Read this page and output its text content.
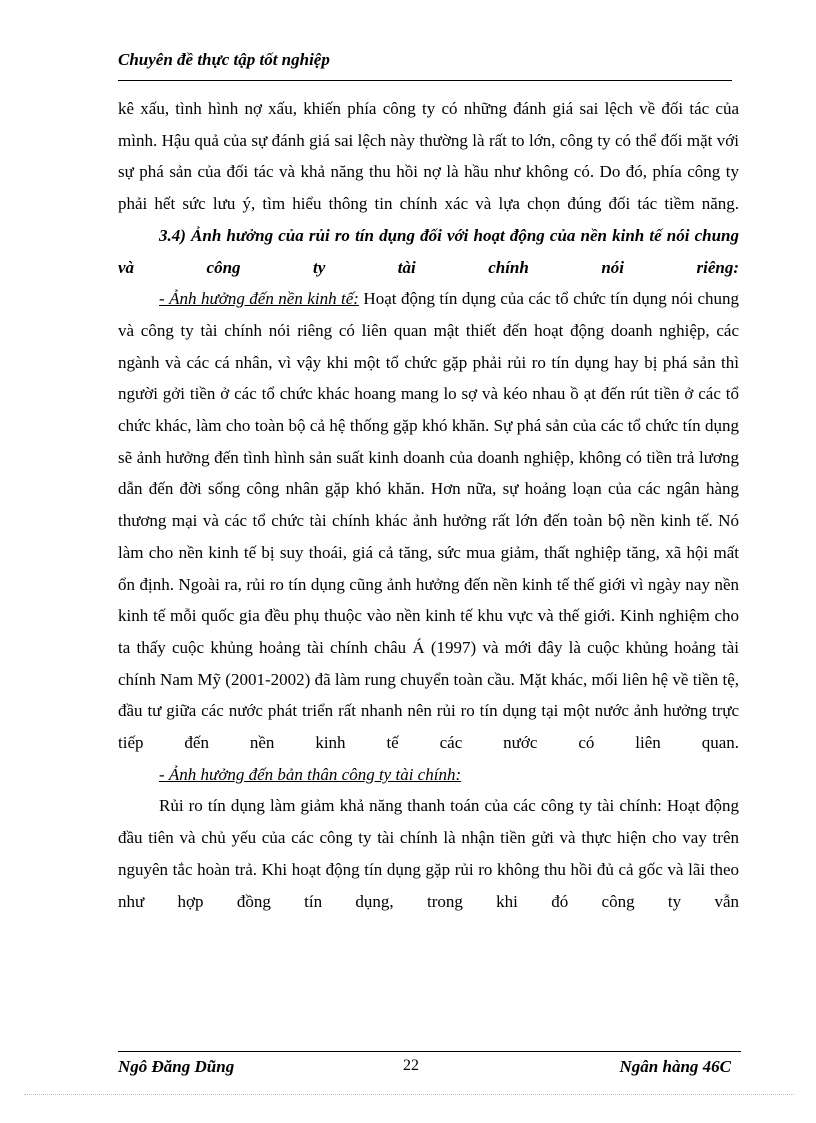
Chuyên đề thực tập tốt nghiệp

kê xấu, tình hình nợ xấu, khiến phía công ty có những đánh giá sai lệch về đối tác của mình. Hậu quả của sự đánh giá sai lệch này thường là rất to lớn, công ty có thể đối mặt với sự phá sản của đối tác và khả năng thu hồi nợ là hầu như không có. Do đó, phía công ty phải hết sức lưu ý, tìm hiểu thông tin chính xác và lựa chọn đúng đối tác tiềm năng.

3.4) Ảnh hưởng của rủi ro tín dụng đối với hoạt động của nền kinh tế nói chung và công ty tài chính nói riêng:

- Ảnh hưởng đến nền kinh tế: Hoạt động tín dụng của các tổ chức tín dụng nói chung và công ty tài chính nói riêng có liên quan mật thiết đến hoạt động doanh nghiệp, các ngành và các cá nhân, vì vậy khi một tổ chức gặp phải rủi ro tín dụng hay bị phá sản thì người gởi tiền ở các tổ chức khác hoang mang lo sợ và kéo nhau ồ ạt đến rút tiền ở các tổ chức khác, làm cho toàn bộ cả hệ thống gặp khó khăn. Sự phá sản của các tổ chức tín dụng sẽ ảnh hưởng đến tình hình sản suất kinh doanh của doanh nghiệp, không có tiền trả lương dẫn đến đời sống công nhân gặp khó khăn. Hơn nữa, sự hoảng loạn của các ngân hàng thương mại và các tổ chức tài chính khác ảnh hưởng rất lớn đến toàn bộ nền kinh tế. Nó làm cho nền kinh tế bị suy thoái, giá cả tăng, sức mua giảm, thất nghiệp tăng, xã hội mất ổn định. Ngoài ra, rủi ro tín dụng cũng ảnh hưởng đến nền kinh tế thế giới vì ngày nay nền kinh tế mỗi quốc gia đều phụ thuộc vào nền kinh tế khu vực và thế giới. Kinh nghiệm cho ta thấy cuộc khủng hoảng tài chính châu Á (1997) và mới đây là cuộc khủng hoảng tài chính Nam Mỹ (2001-2002) đã làm rung chuyển toàn cầu. Mặt khác, mối liên hệ về tiền tệ, đầu tư giữa các nước phát triển rất nhanh nên rủi ro tín dụng tại một nước ảnh hưởng trực tiếp đến nền kinh tế các nước có liên quan.

- Ảnh hưởng đến bản thân công ty tài chính:

Rủi ro tín dụng làm giảm khả năng thanh toán của các công ty tài chính: Hoạt động đầu tiên và chủ yếu của các công ty tài chính là nhận tiền gửi và thực hiện cho vay trên nguyên tắc hoàn trả. Khi hoạt động tín dụng gặp rủi ro không thu hồi đủ cả gốc và lãi theo như hợp đồng tín dụng, trong khi đó công ty vẫn

Ngô Đăng Dũng	22	Ngân hàng 46C
